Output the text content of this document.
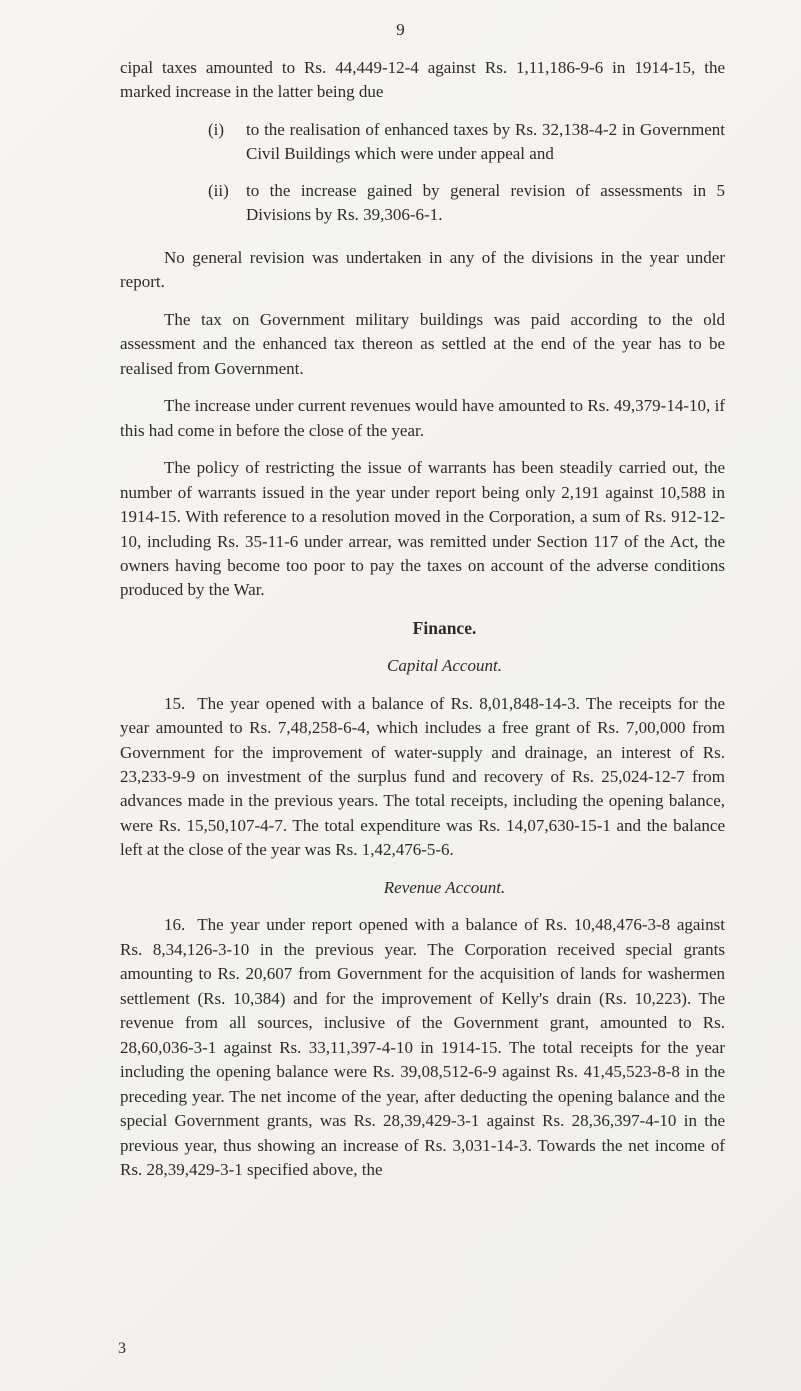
9

cipal taxes amounted to Rs. 44,449-12-4 against Rs. 1,11,186-9-6 in 1914-15, the marked increase in the latter being due

(i)	to the realisation of enhanced taxes by Rs. 32,138-4-2 in Government Civil Buildings which were under appeal and
(ii)	to the increase gained by general revision of assessments in 5 Divisions by Rs. 39,306-6-1.

No general revision was undertaken in any of the divisions in the year under report.

The tax on Government military buildings was paid according to the old assessment and the enhanced tax thereon as settled at the end of the year has to be realised from Government.

The increase under current revenues would have amounted to Rs. 49,379-14-10, if this had come in before the close of the year.

The policy of restricting the issue of warrants has been steadily carried out, the number of warrants issued in the year under report being only 2,191 against 10,588 in 1914-15. With reference to a resolution moved in the Corporation, a sum of Rs. 912-12-10, including Rs. 35-11-6 under arrear, was remitted under Section 117 of the Act, the owners having become too poor to pay the taxes on account of the adverse conditions produced by the War.

Finance.

Capital Account.

15. The year opened with a balance of Rs. 8,01,848-14-3. The receipts for the year amounted to Rs. 7,48,258-6-4, which includes a free grant of Rs. 7,00,000 from Government for the improvement of water-supply and drainage, an interest of Rs. 23,233-9-9 on investment of the surplus fund and recovery of Rs. 25,024-12-7 from advances made in the previous years. The total receipts, including the opening balance, were Rs. 15,50,107-4-7. The total expenditure was Rs. 14,07,630-15-1 and the balance left at the close of the year was Rs. 1,42,476-5-6.

Revenue Account.

16. The year under report opened with a balance of Rs. 10,48,476-3-8 against Rs. 8,34,126-3-10 in the previous year. The Corporation received special grants amounting to Rs. 20,607 from Government for the acquisition of lands for washermen settlement (Rs. 10,384) and for the improvement of Kelly's drain (Rs. 10,223). The revenue from all sources, inclusive of the Government grant, amounted to Rs. 28,60,036-3-1 against Rs. 33,11,397-4-10 in 1914-15. The total receipts for the year including the opening balance were Rs. 39,08,512-6-9 against Rs. 41,45,523-8-8 in the preceding year. The net income of the year, after deducting the opening balance and the special Government grants, was Rs. 28,39,429-3-1 against Rs. 28,36,397-4-10 in the previous year, thus showing an increase of Rs. 3,031-14-3. Towards the net income of Rs. 28,39,429-3-1 specified above, the

3
